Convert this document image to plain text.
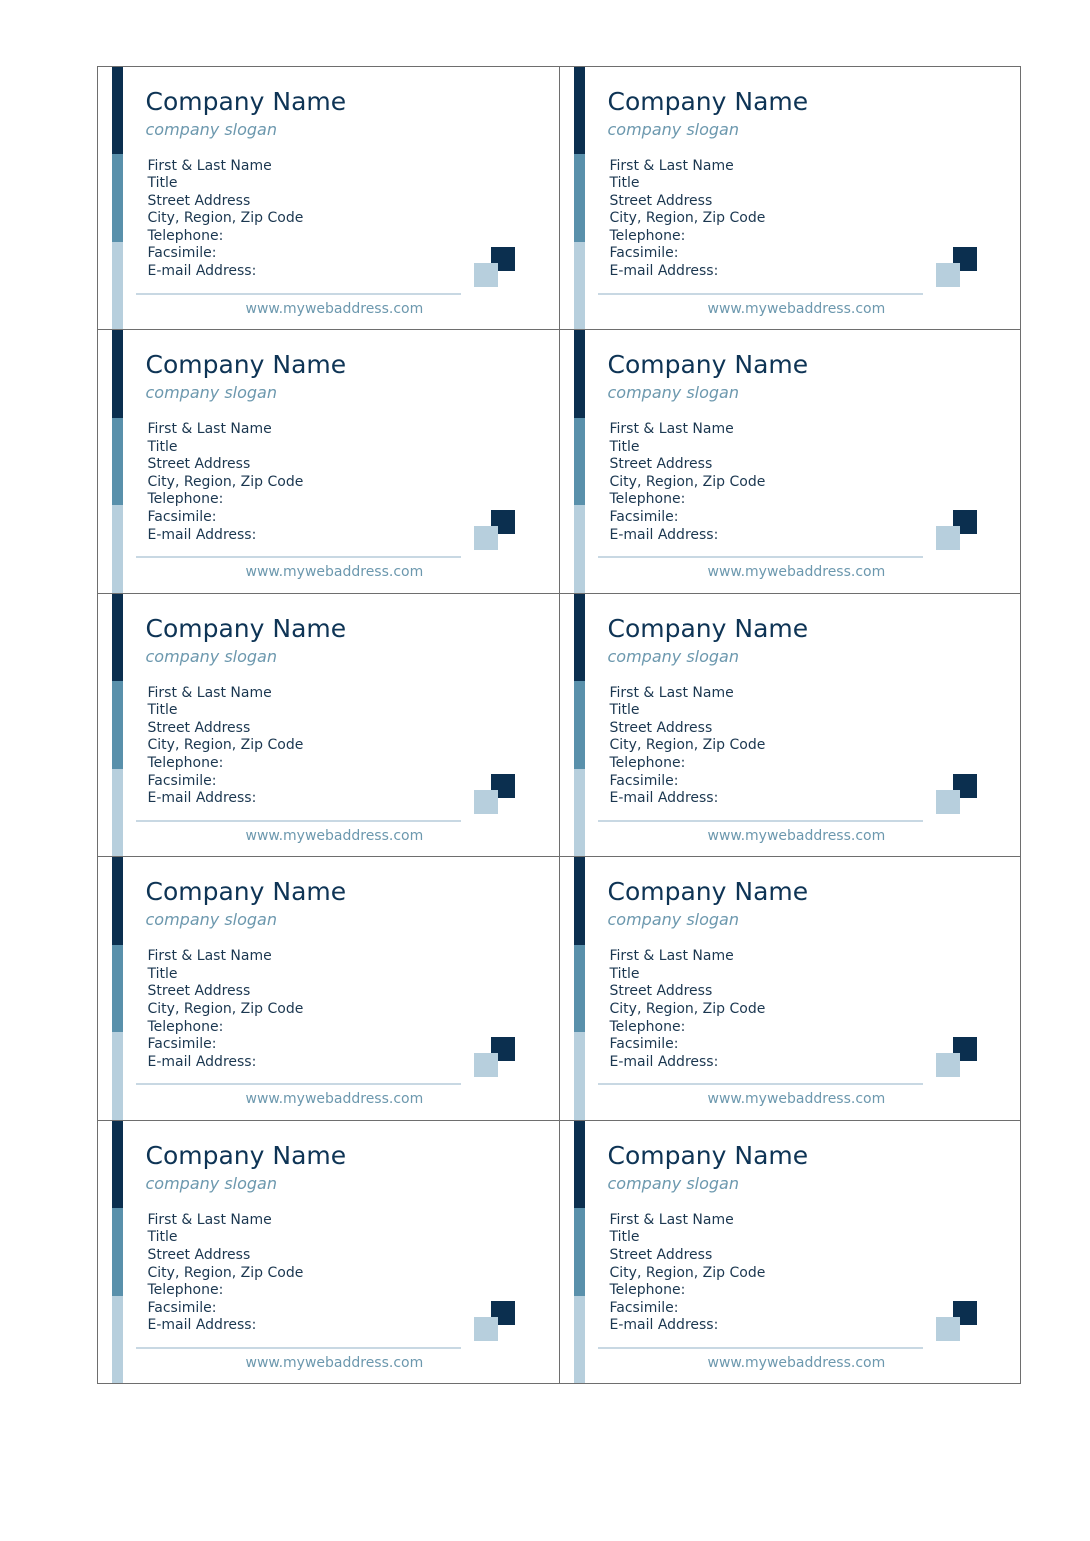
Company Name
company slogan
First & Last Name
Title
Street Address
City, Region, Zip Code
Telephone:
Facsimile:
E-mail Address:
www.mywebaddress.com
Company Name
company slogan
First & Last Name
Title
Street Address
City, Region, Zip Code
Telephone:
Facsimile:
E-mail Address:
www.mywebaddress.com
Company Name
company slogan
First & Last Name
Title
Street Address
City, Region, Zip Code
Telephone:
Facsimile:
E-mail Address:
www.mywebaddress.com
Company Name
company slogan
First & Last Name
Title
Street Address
City, Region, Zip Code
Telephone:
Facsimile:
E-mail Address:
www.mywebaddress.com
Company Name
company slogan
First & Last Name
Title
Street Address
City, Region, Zip Code
Telephone:
Facsimile:
E-mail Address:
www.mywebaddress.com
Company Name
company slogan
First & Last Name
Title
Street Address
City, Region, Zip Code
Telephone:
Facsimile:
E-mail Address:
www.mywebaddress.com
Company Name
company slogan
First & Last Name
Title
Street Address
City, Region, Zip Code
Telephone:
Facsimile:
E-mail Address:
www.mywebaddress.com
Company Name
company slogan
First & Last Name
Title
Street Address
City, Region, Zip Code
Telephone:
Facsimile:
E-mail Address:
www.mywebaddress.com
Company Name
company slogan
First & Last Name
Title
Street Address
City, Region, Zip Code
Telephone:
Facsimile:
E-mail Address:
www.mywebaddress.com
Company Name
company slogan
First & Last Name
Title
Street Address
City, Region, Zip Code
Telephone:
Facsimile:
E-mail Address:
www.mywebaddress.com
